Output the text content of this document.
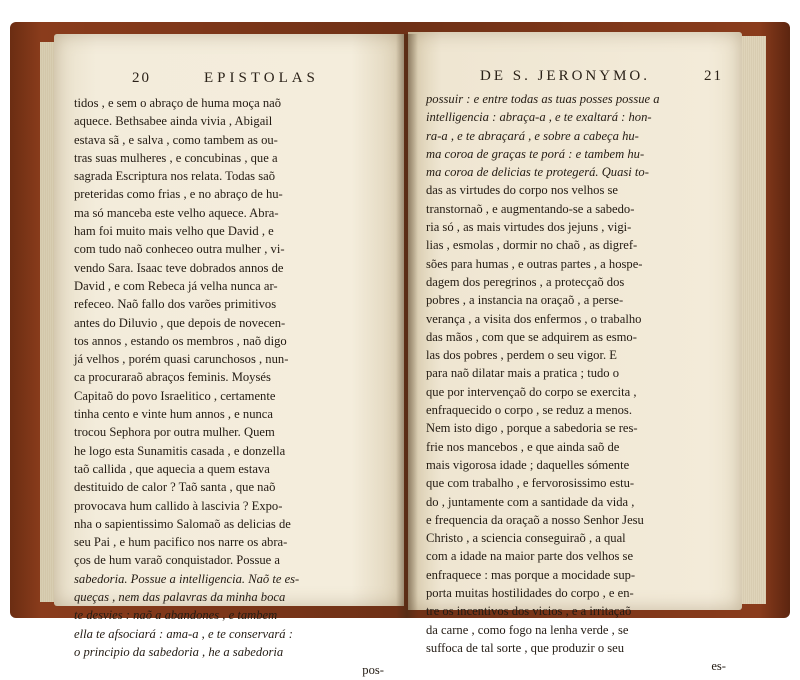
20	EPISTOLAS
tidos , e sem o abraço de huma moça naõ
aquece. Bethsabee ainda vivia , Abigail
estava sã , e salva , como tambem as ou-
tras suas mulheres , e concubinas , que a
sagrada Escriptura nos relata. Todas saõ
preteridas como frias , e no abraço de hu-
ma só manceba este velho aquece. Abra-
ham foi muito mais velho que David , e
com tudo naõ conheceo outra mulher , vi-
vendo Sara. Isaac teve dobrados annos de
David , e com Rebeca já velha nunca ar-
refeceo. Naõ fallo dos varões primitivos
antes do Diluvio , que depois de novecen-
tos annos , estando os membros , naõ digo
já velhos , porém quasi carunchosos , nun-
ca procuraraõ abraços feminis. Moysés
Capitaõ do povo Israelitico , certamente
tinha cento e vinte hum annos , e nunca
trocou Sephora por outra mulher. Quem
he logo esta Sunamitis casada , e donzella
taõ callida , que aquecia a quem estava
destituido de calor ? Taõ santa , que naõ
provocava hum callido à lascivia ? Expo-
nha o sapientissimo Salomaõ as delicias de
seu Pai , e hum pacifico nos narre os abra-
ços de hum varaõ conquistador. Possue a
sabedoria. Possue a intelligencia. Naõ te es-
queças , nem das palavras da minha boca
te desvies : naõ a abandones , e tambem
ella te afsociará : ama-a , e te conservará :
o principio da sabedoria , he a sabedoria
pos-
DE S. JERONYMO.	21
possuir : e entre todas as tuas posses possue a
intelligencia : abraça-a , e te exaltará : hon-
ra-a , e te abraçará , e sobre a cabeça hu-
ma coroa de graças te porá : e tambem hu-
ma coroa de delicias te protegerá. Quasi to-
das as virtudes do corpo nos velhos se
transtornaõ , e augmentando-se a sabedo-
ria só , as mais virtudes dos jejuns , vigi-
lias , esmolas , dormir no chaõ , as digref-
sões para humas , e outras partes , a hospe-
dagem dos peregrinos , a protecçaõ dos
pobres , a instancia na oraçaõ , a perse-
verança , a visita dos enfermos , o trabalho
das mãos , com que se adquirem as esmo-
las dos pobres , perdem o seu vigor. E
para naõ dilatar mais a pratica ; tudo o
que por intervençaõ do corpo se exercita ,
enfraquecido o corpo , se reduz a menos.
Nem isto digo , porque a sabedoria se res-
frie nos mancebos , e que ainda saõ de
mais vigorosa idade ; daquelles sómente
que com trabalho , e fervorosissimo estu-
do , juntamente com a santidade da vida ,
e frequencia da oraçaõ a nosso Senhor Jesu
Christo , a sciencia conseguiraõ , a qual
com a idade na maior parte dos velhos se
enfraquece : mas porque a mocidade sup-
porta muitas hostilidades do corpo , e en-
tre os incentivos dos vicios , e a irritaçaõ
da carne , como fogo na lenha verde , se
suffoca de tal sorte , que produzir o seu
es-
